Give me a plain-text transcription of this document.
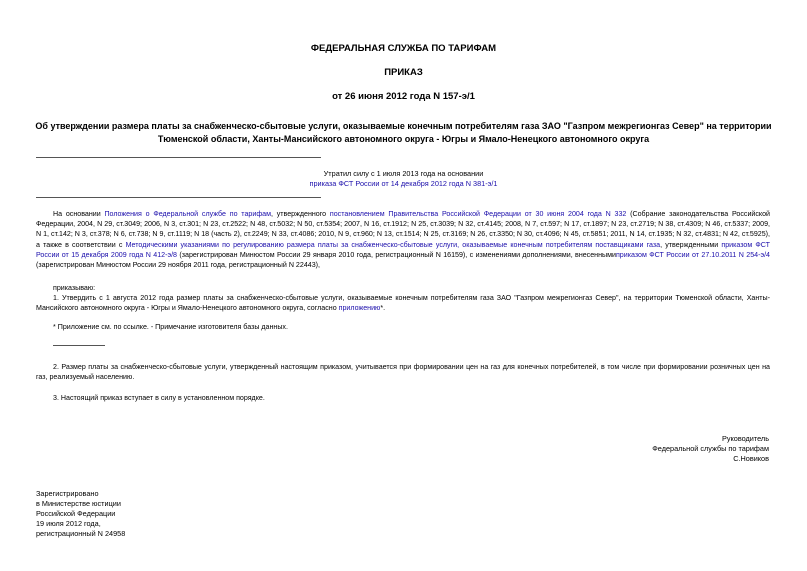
ФЕДЕРАЛЬНАЯ СЛУЖБА ПО ТАРИФАМ
ПРИКАЗ
от 26 июня 2012 года N 157-э/1
Об утверждении размера платы за снабженческо-сбытовые услуги, оказываемые конечным потребителям газа ЗАО "Газпром межрегионгаз Север" на территории
Тюменской области, Ханты-Мансийского автономного округа - Югры и Ямало-Ненецкого автономного округа
Утратил силу с 1 июля 2013 года на основании
приказа ФСТ России от 14 декабря 2012 года N 381-э/1
На основании Положения о Федеральной службе по тарифам, утвержденного постановлением Правительства Российской Федерации от 30 июня 2004 года N 332 (Собрание законодательства Российской Федерации, 2004, N 29, ст.3049; 2006, N 3, ст.301; N 23, ст.2522; N 48, ст.5032; N 50, ст.5354; 2007, N 16, ст.1912; N 25, ст.3039; N 32, ст.4145; 2008, N 7, ст.597; N 17, ст.1897; N 23, ст.2719; N 38, ст.4309; N 46, ст.5337; 2009, N 1, ст.142; N 3, ст.378; N 6, ст.738; N 9, ст.1119; N 18 (часть 2), ст.2249; N 33, ст.4086; 2010, N 9, ст.960; N 13, ст.1514; N 25, ст.3169; N 26, ст.3350; N 30, ст.4096; N 45, ст.5851; 2011, N 14, ст.1935; N 32, ст.4831; N 42, ст.5925), а также в соответствии с Методическими указаниями по регулированию размера платы за снабженческо-сбытовые услуги, оказываемые конечным потребителям поставщиками газа, утвержденными приказом ФСТ России от 15 декабря 2009 года N 412-э/8 (зарегистрирован Минюстом России 29 января 2010 года, регистрационный N 16159), с изменениями дополнениями, внесеннымиприказом ФСТ России от 27.10.2011 N 254-э/4 (зарегистрирован Минюстом России 29 ноября 2011 года, регистрационный N 22443),
приказываю:
1. Утвердить с 1 августа 2012 года размер платы за снабженческо-сбытовые услуги, оказываемые конечным потребителям газа ЗАО "Газпром межрегионгаз Север", на территории Тюменской области, Ханты-Мансийского автономного округа - Югры и Ямало-Ненецкого автономного округа, согласно приложению*.
* Приложение см. по ссылке. - Примечание изготовителя базы данных.
2. Размер платы за снабженческо-сбытовые услуги, утвержденный настоящим приказом, учитывается при формировании цен на газ для конечных потребителей, в том числе при формировании розничных цен на газ, реализуемый населению.
3. Настоящий приказ вступает в силу в установленном порядке.
Руководитель
Федеральной службы по тарифам
С.Новиков
Зарегистрировано
в Министерстве юстиции
Российской Федерации
19 июля 2012 года,
регистрационный N 24958
